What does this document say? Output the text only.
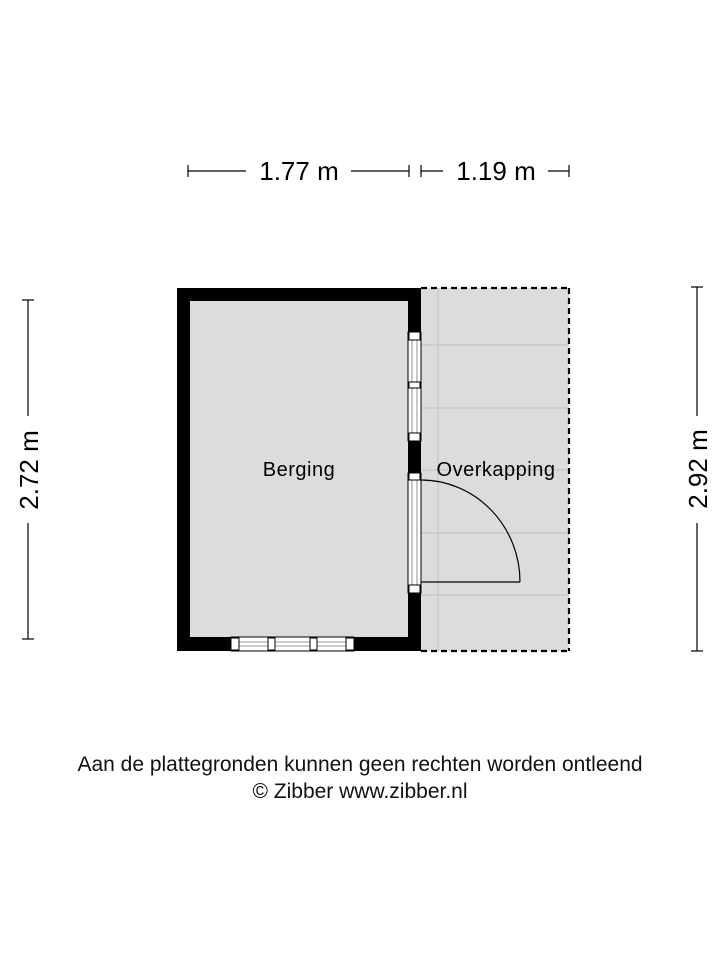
1.77 m	1.19 m
2.72 m	2.92 m
Berging	Overkapping
Aan de plattegronden kunnen geen rechten worden ontleend
© Zibber www.zibber.nl
